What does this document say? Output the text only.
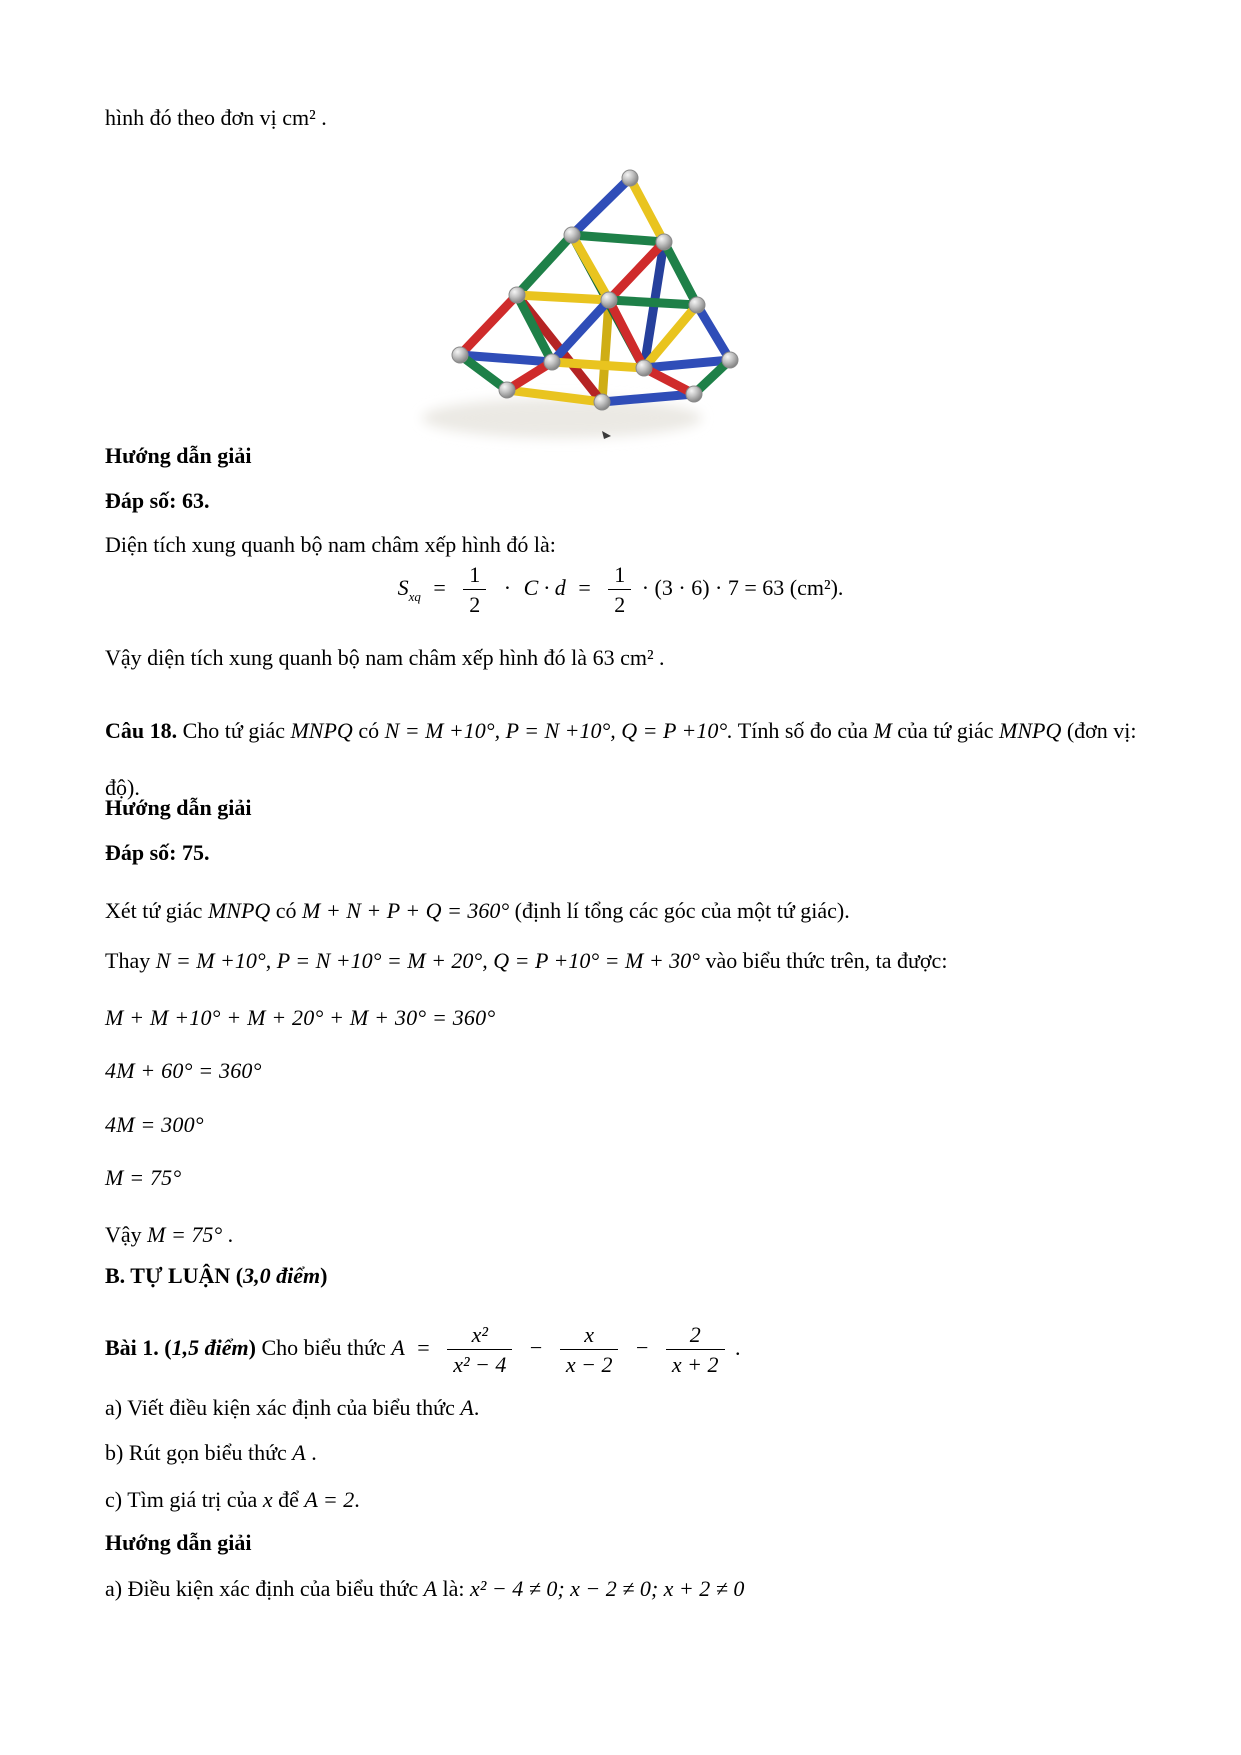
hình đó theo đơn vị cm² .
Hướng dẫn giải
Đáp số: 63.
Diện tích xung quanh bộ nam châm xếp hình đó là:
$S_{xq} = \frac{1}{2} \cdot C \cdot d = \frac{1}{2} \cdot (3 \cdot 6) \cdot 7 = 63$ (cm²).
Vậy diện tích xung quanh bộ nam châm xếp hình đó là 63 cm² .
Câu 18. Cho tứ giác MNPQ có N = M +10°, P = N +10°, Q = P +10°. Tính số đo của M của tứ giác MNPQ (đơn vị: độ).
Hướng dẫn giải
Đáp số: 75.
Xét tứ giác MNPQ có M + N + P + Q = 360° (định lí tổng các góc của một tứ giác).
Thay N = M +10°, P = N +10° = M + 20°, Q = P +10° = M + 30° vào biểu thức trên, ta được:
M + M +10° + M + 20° + M + 30° = 360°
4M + 60° = 360°
4M = 300°
M = 75°
Vậy M = 75° .
B. TỰ LUẬN (3,0 điểm)
Bài 1. (1,5 điểm) Cho biểu thức $A = \frac{\text{x²}}{\text{x² − 4}} - \frac{x}{x - 2} - \frac{2}{x + 2}$ .
a) Viết điều kiện xác định của biểu thức A.
b) Rút gọn biểu thức A .
c) Tìm giá trị của x để A = 2.
Hướng dẫn giải
a) Điều kiện xác định của biểu thức A là: x² − 4 ≠ 0; x − 2 ≠ 0; x + 2 ≠ 0
